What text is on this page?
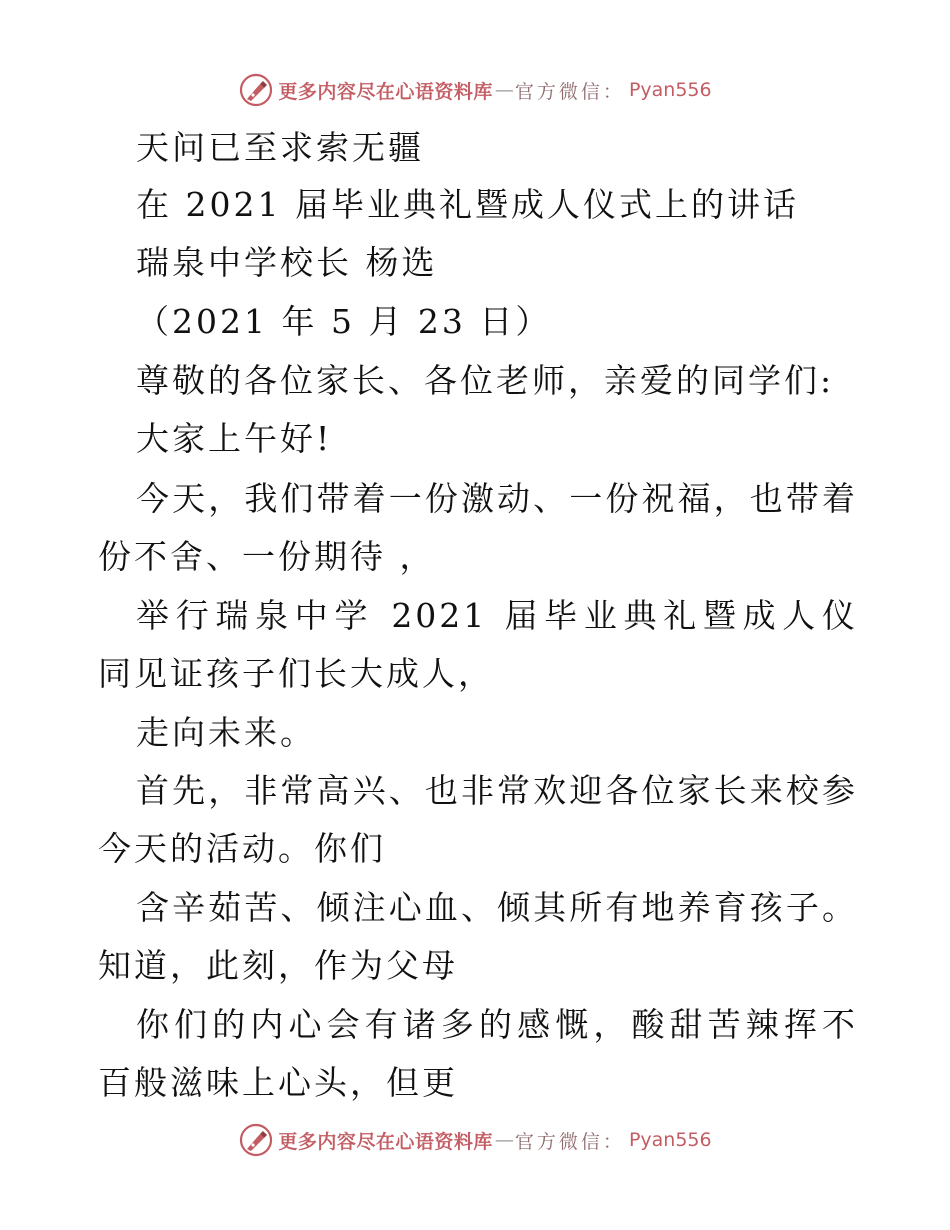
更多内容尽在心语资料库 — 官方微信： Pyan556
天问已至求索无疆
在 2021 届毕业典礼暨成人仪式上的讲话
瑞泉中学校长 杨选
（2021 年 5 月 23 日）
尊敬的各位家长、各位老师，亲爱的同学们:
大家上午好!
今天，我们带着一份激动、一份祝福，也带着
份不舍、一份期待 ，
举行瑞泉中学 2021 届毕业典礼暨成人仪
同见证孩子们长大成人，
走向未来。
首先，非常高兴、也非常欢迎各位家长来校参
今天的活动。你们
含辛茹苦、倾注心血、倾其所有地养育孩子。
知道，此刻，作为父母
你们的内心会有诸多的感慨，酸甜苦辣挥不
百般滋味上心头，但更
更多内容尽在心语资料库 — 官方微信： Pyan556
